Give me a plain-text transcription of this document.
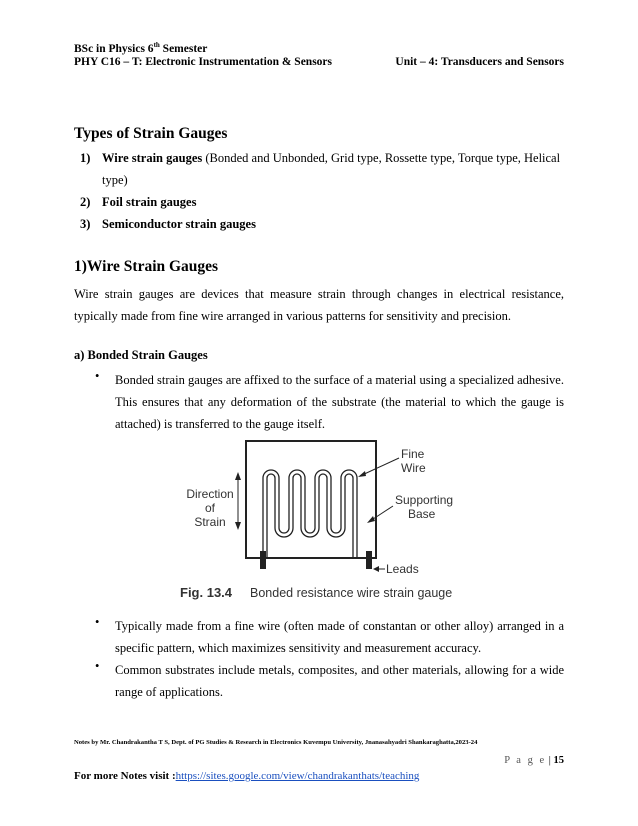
BSc in Physics 6th Semester
PHY C16 – T: Electronic Instrumentation & Sensors	Unit – 4: Transducers and Sensors
Types of Strain Gauges
1) Wire strain gauges (Bonded and Unbonded, Grid type, Rossette type, Torque type, Helical
type)
2) Foil strain gauges
3) Semiconductor strain gauges
1)Wire Strain Gauges
Wire strain gauges are devices that measure strain through changes in electrical resistance, typically made from fine wire arranged in various patterns for sensitivity and precision.
a) Bonded Strain Gauges
• Bonded strain gauges are affixed to the surface of a material using a specialized adhesive. This ensures that any deformation of the substrate (the material to which the gauge is attached) is transferred to the gauge itself.
Direction
of
Strain
Fine
Wire
Supporting
Base
Leads
Fig. 13.4 Bonded resistance wire strain gauge
• Typically made from a fine wire (often made of constantan or other alloy) arranged in a specific pattern, which maximizes sensitivity and measurement accuracy.
• Common substrates include metals, composites, and other materials, allowing for a wide range of applications.
Notes by Mr. Chandrakantha T S, Dept. of PG Studies & Research in Electronics Kuvempu University, Jnanasahyadri Shankaraghatta,2023-24
P a g e | 15
For more Notes visit :https://sites.google.com/view/chandrakanthats/teaching
